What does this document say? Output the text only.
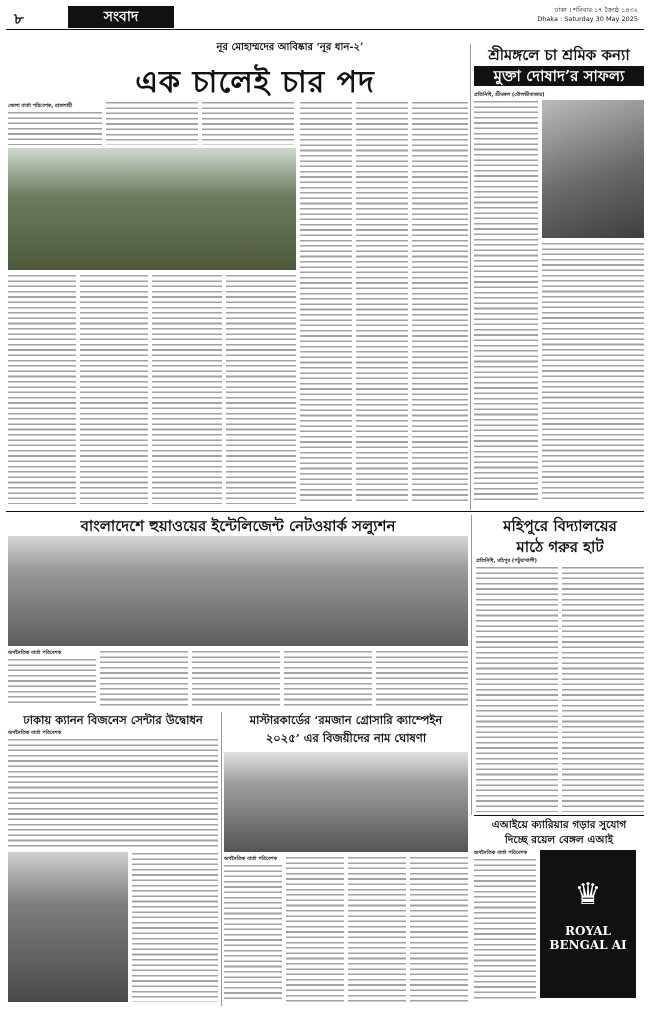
৮	সংবাদ	ঢাকা । শনিবার ১৭ জ্যৈষ্ঠ ১৪৩২
Dhaka : Saturday 30 May 2025
নূর মোহাম্মদের আবিষ্কার ‘নূর ধান-২’
এক চালেই চার পদ
জেলা বার্তা পরিবেশক, রাজশাহী
শ্রীমঙ্গলে চা শ্রমিক কন্যা
মুক্তা দোষাদ’র সাফল্য
প্রতিনিধি, শ্রীমঙ্গল (মৌলভীবাজার)
বাংলাদেশে হুয়াওয়ের ইন্টেলিজেন্ট নেটওয়ার্ক সল্যুশন
অর্থনৈতিক বার্তা পরিবেশক
মহিপুরে বিদ্যালয়ের
মাঠে গরুর হাট
প্রতিনিধি, মহিপুর (পটুয়াখালী)
ঢাকায় ক্যানন বিজনেস সেন্টার উদ্বোধন
অর্থনৈতিক বার্তা পরিবেশক
মাস্টারকার্ডের ‘রমজান গ্রোসারি ক্যাম্পেইন
২০২৫’ এর বিজয়ীদের নাম ঘোষণা
অর্থনৈতিক বার্তা পরিবেশক
এআইয়ে ক্যারিয়ার গড়ার সুযোগ
দিচ্ছে রয়েল বেঙ্গল এআই
অর্থনৈতিক বার্তা পরিবেশক
♛
ROYAL
BENGAL AI
